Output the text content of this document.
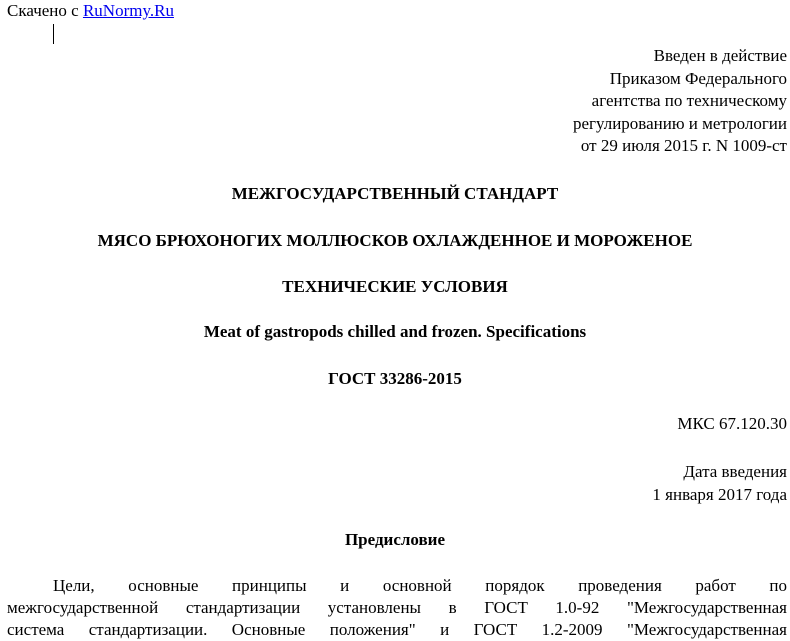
Скачено с RuNormy.Ru
Введен в действие
Приказом Федерального
агентства по техническому
регулированию и метрологии
от 29 июля 2015 г. N 1009-ст
МЕЖГОСУДАРСТВЕННЫЙ СТАНДАРТ
МЯСО БРЮХОНОГИХ МОЛЛЮСКОВ ОХЛАЖДЕННОЕ И МОРОЖЕНОЕ
ТЕХНИЧЕСКИЕ УСЛОВИЯ
Meat of gastropods chilled and frozen. Specifications
ГОСТ 33286-2015
МКС 67.120.30
Дата введения
1 января 2017 года
Предисловие
Цели, основные принципы и основной порядок проведения работ по
межгосударственной стандартизации установлены в ГОСТ 1.0-92 "Межгосударственная
система стандартизации. Основные положения" и ГОСТ 1.2-2009 "Межгосударственная
